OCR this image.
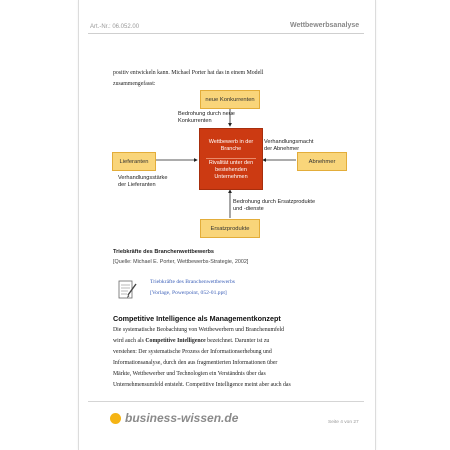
Art.-Nr.: 06.052.00	Wettbewerbsanalyse
positiv entwickeln kann. Michael Porter hat das in einem Modell
zusammengefasst:
neue Konkurrenten
Lieferanten	Abnehmer
Ersatzprodukte
Wettbewerb in der
Branche
Rivalität unter den
bestehenden
Unternehmen
Bedrohung durch neue
Konkurrenten
Verhandlungsmacht
der Abnehmer
Verhandlungsstärke
der Lieferanten
Bedrohung durch Ersatzprodukte
und -dienste
Triebkräfte des Branchenwettbewerbs
[Quelle: Michael E. Porter, Wettbewerbs-Strategie, 2002]
Triebkräfte des Branchenwettbewerbs
[Vorlage, Powerpoint, 052-01.ppt]
Competitive Intelligence als Managementkonzept
Die systematische Beobachtung von Wettbewerbern und Branchenumfeld
wird auch als Competitive Intelligence bezeichnet. Darunter ist zu
verstehen: Der systematische Prozess der Informationserhebung und
Informationsanalyse, durch den aus fragmentierten Informationen über
Märkte, Wettbewerber und Technologien ein Verständnis über das
Unternehmensumfeld entsteht. Competitive Intelligence meint aber auch das
business-wissen.de	Seite 4 von 27
